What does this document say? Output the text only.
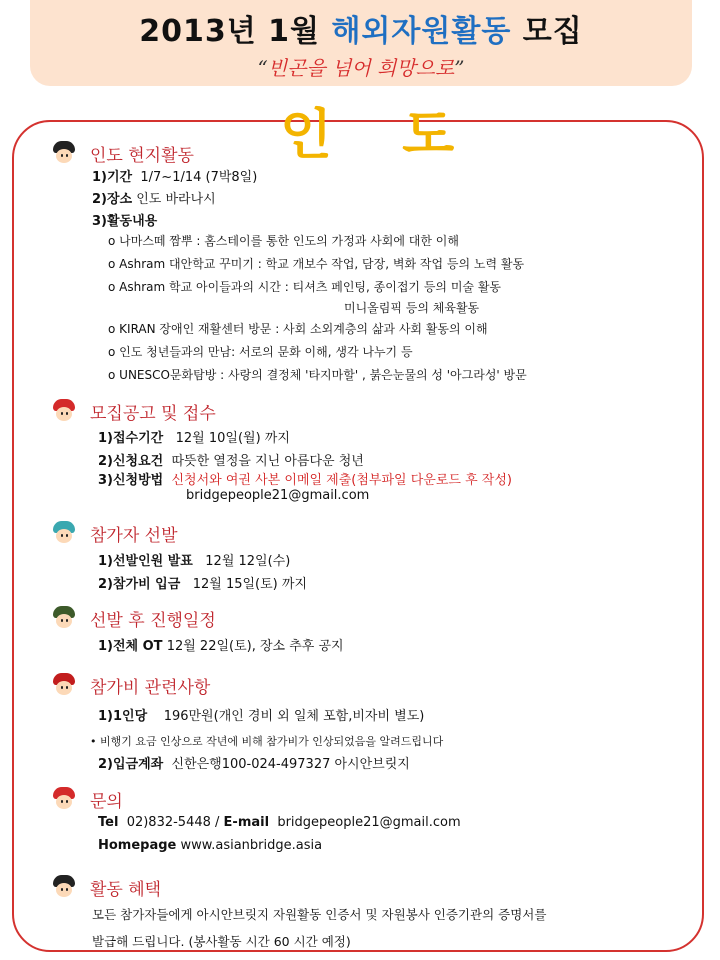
2013년 1월 해외자원활동 모집
“빈곤을 넘어 희망으로”
인도
인도 현지활동
1)기간 1/7~1/14 (7박8일)
2)장소 인도 바라나시
3)활동내용
o 나마스떼 짬뿌 : 홈스테이를 통한 인도의 가정과 사회에 대한 이해
o Ashram 대안학교 꾸미기 : 학교 개보수 작업, 담장, 벽화 작업 등의 노력 활동
o Ashram 학교 아이들과의 시간 : 티셔츠 페인팅, 종이접기 등의 미술 활동
미니올림픽 등의 체육활동
o KIRAN 장애인 재활센터 방문 : 사회 소외계층의 삶과 사회 활동의 이해
o 인도 청년들과의 만남: 서로의 문화 이해, 생각 나누기 등
o UNESCO문화탐방 : 사랑의 결정체 '타지마할' , 붉은눈물의 성 '아그라성' 방문
모집공고 및 접수
1)접수기간 12월 10일(월) 까지
2)신청요건 따뜻한 열정을 지닌 아름다운 청년
3)신청방법 신청서와 여권 사본 이메일 제출(첨부파일 다운로드 후 작성)
bridgepeople21@gmail.com
참가자 선발
1)선발인원 발표 12월 12일(수)
2)참가비 입금 12월 15일(토) 까지
선발 후 진행일정
1)전체 OT 12월 22일(토), 장소 추후 공지
참가비 관련사항
1)1인당 196만원(개인 경비 외 일체 포함,비자비 별도)
• 비행기 요금 인상으로 작년에 비해 참가비가 인상되었음을 알려드립니다
2)입금계좌 신한은행100-024-497327 아시안브릿지
문의
Tel 02)832-5448 / E-mail bridgepeople21@gmail.com
Homepage www.asianbridge.asia
활동 혜택
모든 참가자들에게 아시안브릿지 자원활동 인증서 및 자원봉사 인증기관의 증명서를
발급해 드립니다. (봉사활동 시간 60 시간 예정)
